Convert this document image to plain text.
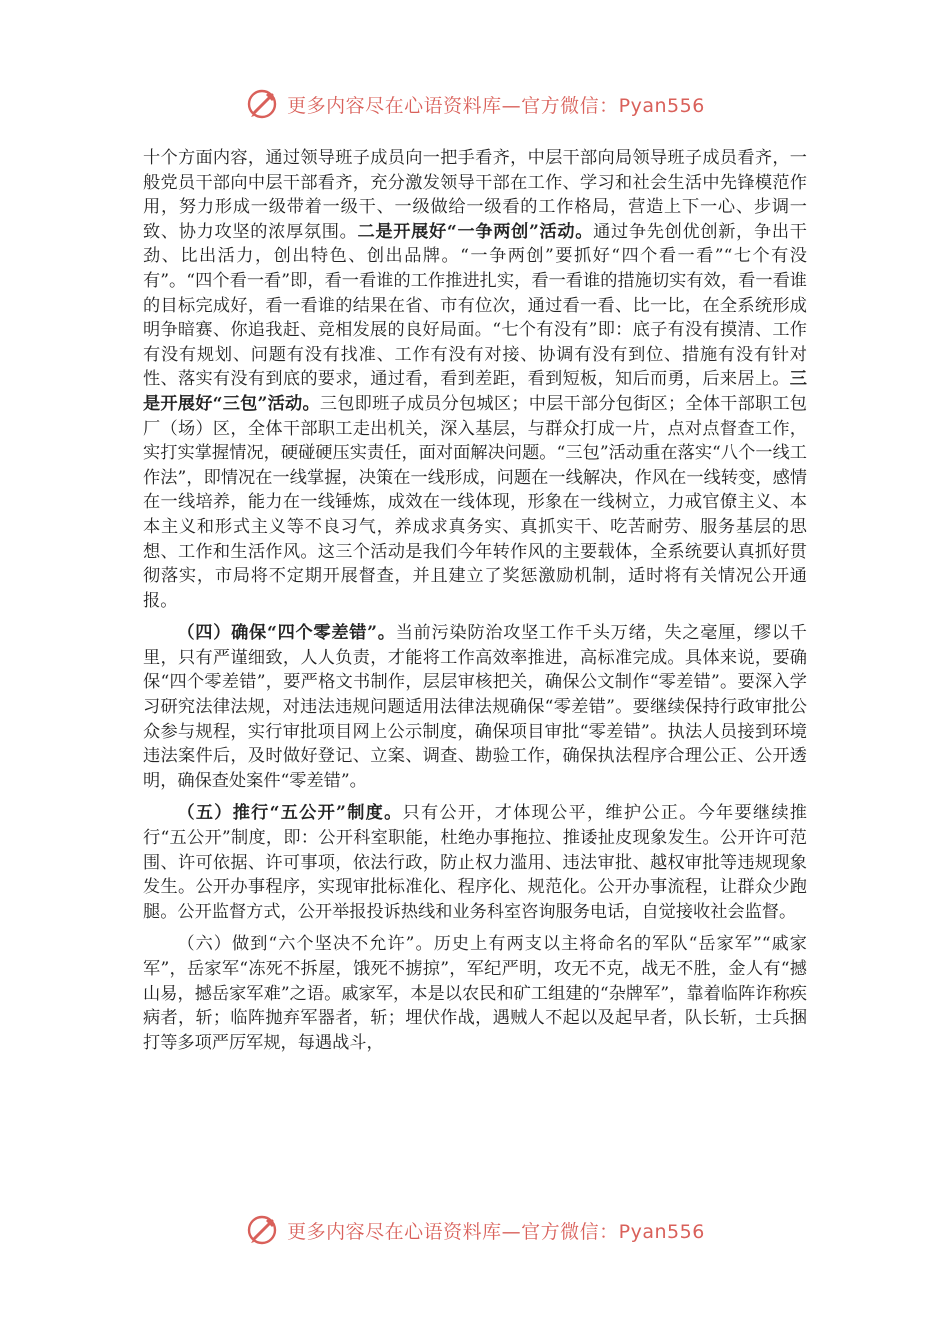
更多内容尽在心语资料库—官方微信：Pyan556

十个方面内容，通过领导班子成员向一把手看齐，中层干部向局领导班子成员看齐，一般党员干部向中层干部看齐，充分激发领导干部在工作、学习和社会生活中先锋模范作用，努力形成一级带着一级干、一级做给一级看的工作格局，营造上下一心、步调一致、协力攻坚的浓厚氛围。二是开展好“一争两创”活动。通过争先创优创新，争出干劲、比出活力，创出特色、创出品牌。“一争两创”要抓好“四个看一看”“七个有没有”。“四个看一看”即，看一看谁的工作推进扎实，看一看谁的措施切实有效，看一看谁的目标完成好，看一看谁的结果在省、市有位次，通过看一看、比一比，在全系统形成明争暗赛、你追我赶、竞相发展的良好局面。“七个有没有”即：底子有没有摸清、工作有没有规划、问题有没有找准、工作有没有对接、协调有没有到位、措施有没有针对性、落实有没有到底的要求，通过看，看到差距，看到短板，知后而勇，后来居上。三是开展好“三包”活动。三包即班子成员分包城区；中层干部分包街区；全体干部职工包厂（场）区，全体干部职工走出机关，深入基层，与群众打成一片，点对点督查工作，实打实掌握情况，硬碰硬压实责任，面对面解决问题。“三包”活动重在落实“八个一线工作法”，即情况在一线掌握，决策在一线形成，问题在一线解决，作风在一线转变，感情在一线培养，能力在一线锤炼，成效在一线体现，形象在一线树立，力戒官僚主义、本本主义和形式主义等不良习气，养成求真务实、真抓实干、吃苦耐劳、服务基层的思想、工作和生活作风。这三个活动是我们今年转作风的主要载体，全系统要认真抓好贯彻落实，市局将不定期开展督查，并且建立了奖惩激励机制，适时将有关情况公开通报。

（四）确保“四个零差错”。当前污染防治攻坚工作千头万绪，失之毫厘，缪以千里，只有严谨细致，人人负责，才能将工作高效率推进，高标准完成。具体来说，要确保“四个零差错”，要严格文书制作，层层审核把关，确保公文制作“零差错”。要深入学习研究法律法规，对违法违规问题适用法律法规确保“零差错”。要继续保持行政审批公众参与规程，实行审批项目网上公示制度，确保项目审批“零差错”。执法人员接到环境违法案件后，及时做好登记、立案、调查、勘验工作，确保执法程序合理公正、公开透明，确保查处案件“零差错”。

（五）推行“五公开”制度。只有公开，才体现公平，维护公正。今年要继续推行“五公开”制度，即：公开科室职能，杜绝办事拖拉、推诿扯皮现象发生。公开许可范围、许可依据、许可事项，依法行政，防止权力滥用、违法审批、越权审批等违规现象发生。公开办事程序，实现审批标准化、程序化、规范化。公开办事流程，让群众少跑腿。公开监督方式，公开举报投诉热线和业务科室咨询服务电话，自觉接收社会监督。

（六）做到“六个坚决不允许”。历史上有两支以主将命名的军队“岳家军”“戚家军”，岳家军“冻死不拆屋，饿死不掳掠”，军纪严明，攻无不克，战无不胜，金人有“撼山易，撼岳家军难”之语。戚家军，本是以农民和矿工组建的“杂牌军”，靠着临阵诈称疾病者，斩；临阵抛弃军器者，斩；埋伏作战，遇贼人不起以及起早者，队长斩，士兵捆打等多项严厉军规，每遇战斗，

更多内容尽在心语资料库—官方微信：Pyan556
